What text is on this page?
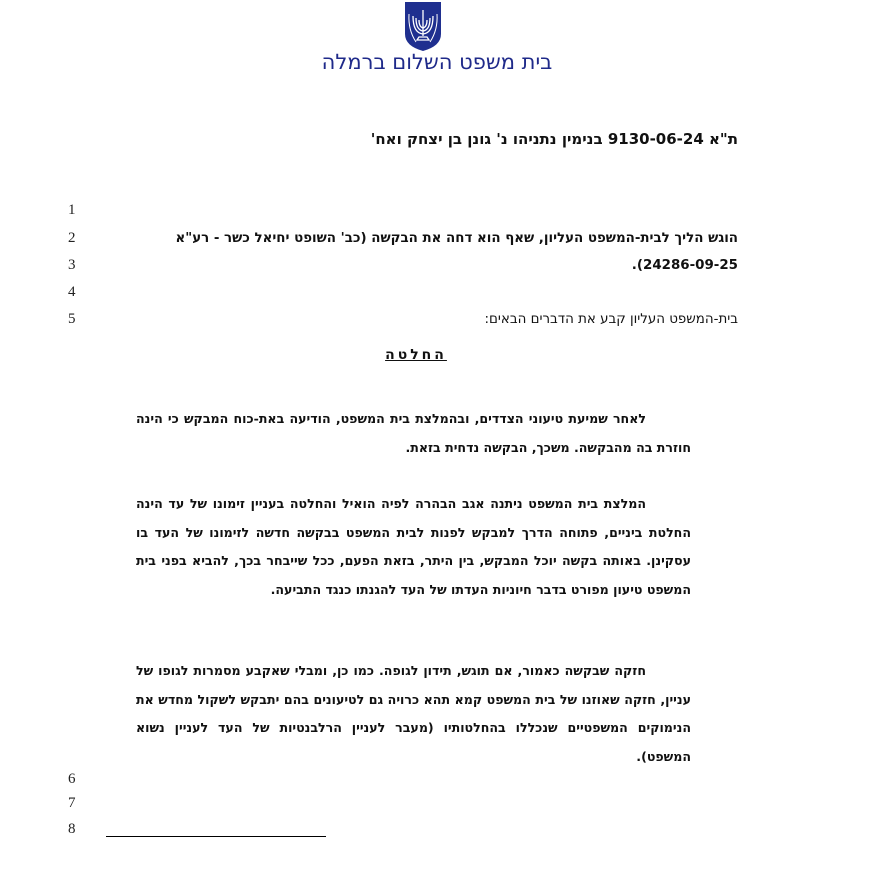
בית משפט השלום ברמלה
ת"א 9130-06-24 בנימין נתניהו נ' גונן בן יצחק ואח'
1
2
3
4
5
6
7
8
הוגש הליך לבית-המשפט העליון, שאף הוא דחה את הבקשה (כב' השופט יחיאל כשר - רע"א
24286-09-25).
בית-המשפט העליון קבע את הדברים הבאים:
החלטה
לאחר שמיעת טיעוני הצדדים, ובהמלצת בית המשפט, הודיעה באת-כוח המבקש כי הינה חוזרת בה מהבקשה. משכך, הבקשה נדחית בזאת.
המלצת בית המשפט ניתנה אגב הבהרה לפיה הואיל והחלטה בעניין זימונו של עד הינה החלטת ביניים, פתוחה הדרך למבקש לפנות לבית המשפט בבקשה חדשה לזימונו של העד בו עסקינן. באותה בקשה יוכל המבקש, בין היתר, בזאת הפעם, ככל שייבחר בכך, להביא בפני בית המשפט טיעון מפורט בדבר חיוניות העדתו של העד להגנתו כנגד התביעה.
חזקה שבקשה כאמור, אם תוגש, תידון לגופה. כמו כן, ומבלי שאקבע מסמרות לגופו של עניין, חזקה שאוזנו של בית המשפט קמא תהא כרויה גם לטיעונים בהם יתבקש לשקול מחדש את הנימוקים המשפטיים שנכללו בהחלטותיו (מעבר לעניין הרלבנטיות של העד לעניין נשוא המשפט).
